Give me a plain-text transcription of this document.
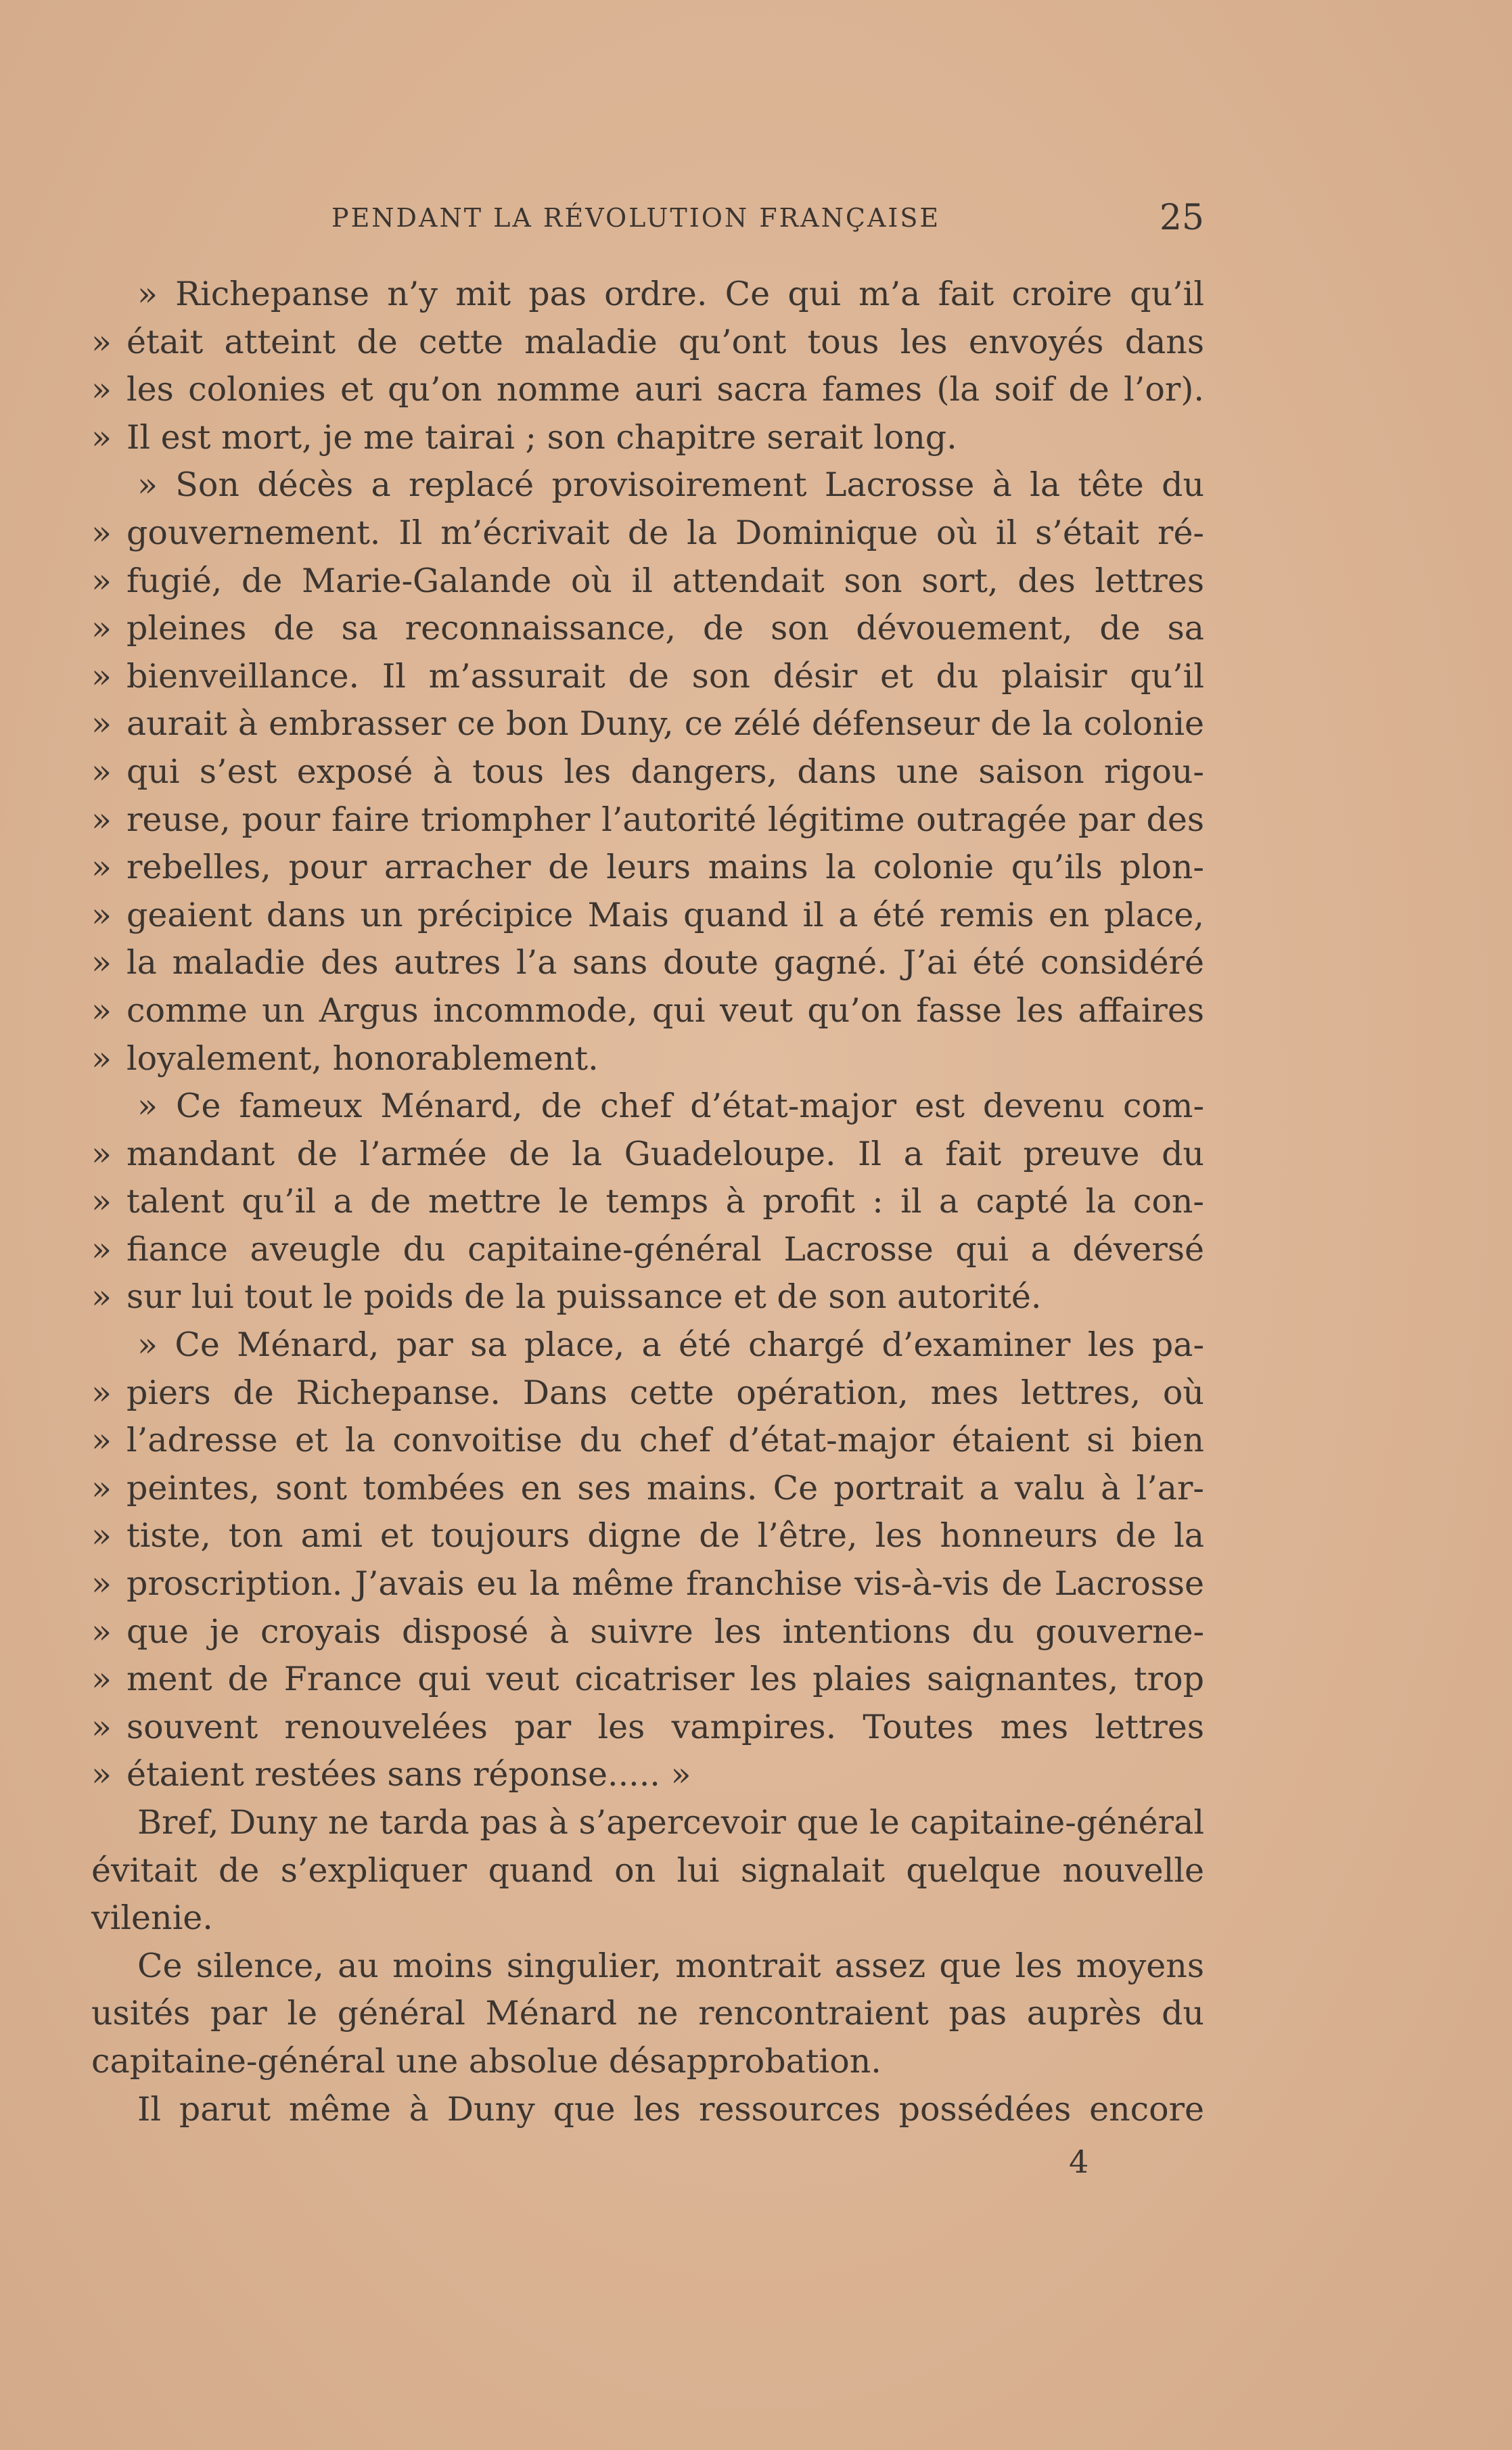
PENDANT LA RÉVOLUTION FRANÇAISE	25
» Richepanse n’y mit pas ordre. Ce qui m’a fait croire qu’il
» était atteint de cette maladie qu’ont tous les envoyés dans
» les colonies et qu’on nomme auri sacra fames (la soif de l’or).
» Il est mort, je me tairai ; son chapitre serait long.
» Son décès a replacé provisoirement Lacrosse à la tête du
» gouvernement. Il m’écrivait de la Dominique où il s’était ré-
» fugié, de Marie-Galande où il attendait son sort, des lettres
» pleines de sa reconnaissance, de son dévouement, de sa
» bienveillance. Il m’assurait de son désir et du plaisir qu’il
» aurait à embrasser ce bon Duny, ce zélé défenseur de la colonie
» qui s’est exposé à tous les dangers, dans une saison rigou-
» reuse, pour faire triompher l’autorité légitime outragée par des
» rebelles, pour arracher de leurs mains la colonie qu’ils plon-
» geaient dans un précipice Mais quand il a été remis en place,
» la maladie des autres l’a sans doute gagné. J’ai été considéré
» comme un Argus incommode, qui veut qu’on fasse les affaires
» loyalement, honorablement.
» Ce fameux Ménard, de chef d’état-major est devenu com-
» mandant de l’armée de la Guadeloupe. Il a fait preuve du
» talent qu’il a de mettre le temps à profit : il a capté la con-
» fiance aveugle du capitaine-général Lacrosse qui a déversé
» sur lui tout le poids de la puissance et de son autorité.
» Ce Ménard, par sa place, a été chargé d’examiner les pa-
» piers de Richepanse. Dans cette opération, mes lettres, où
» l’adresse et la convoitise du chef d’état-major étaient si bien
» peintes, sont tombées en ses mains. Ce portrait a valu à l’ar-
» tiste, ton ami et toujours digne de l’être, les honneurs de la
» proscription. J’avais eu la même franchise vis-à-vis de Lacrosse
» que je croyais disposé à suivre les intentions du gouverne-
» ment de France qui veut cicatriser les plaies saignantes, trop
» souvent renouvelées par les vampires. Toutes mes lettres
» étaient restées sans réponse..... »
Bref, Duny ne tarda pas à s’apercevoir que le capitaine-général
évitait de s’expliquer quand on lui signalait quelque nouvelle
vilenie.
Ce silence, au moins singulier, montrait assez que les moyens
usités par le général Ménard ne rencontraient pas auprès du
capitaine-général une absolue désapprobation.
Il parut même à Duny que les ressources possédées encore
4
